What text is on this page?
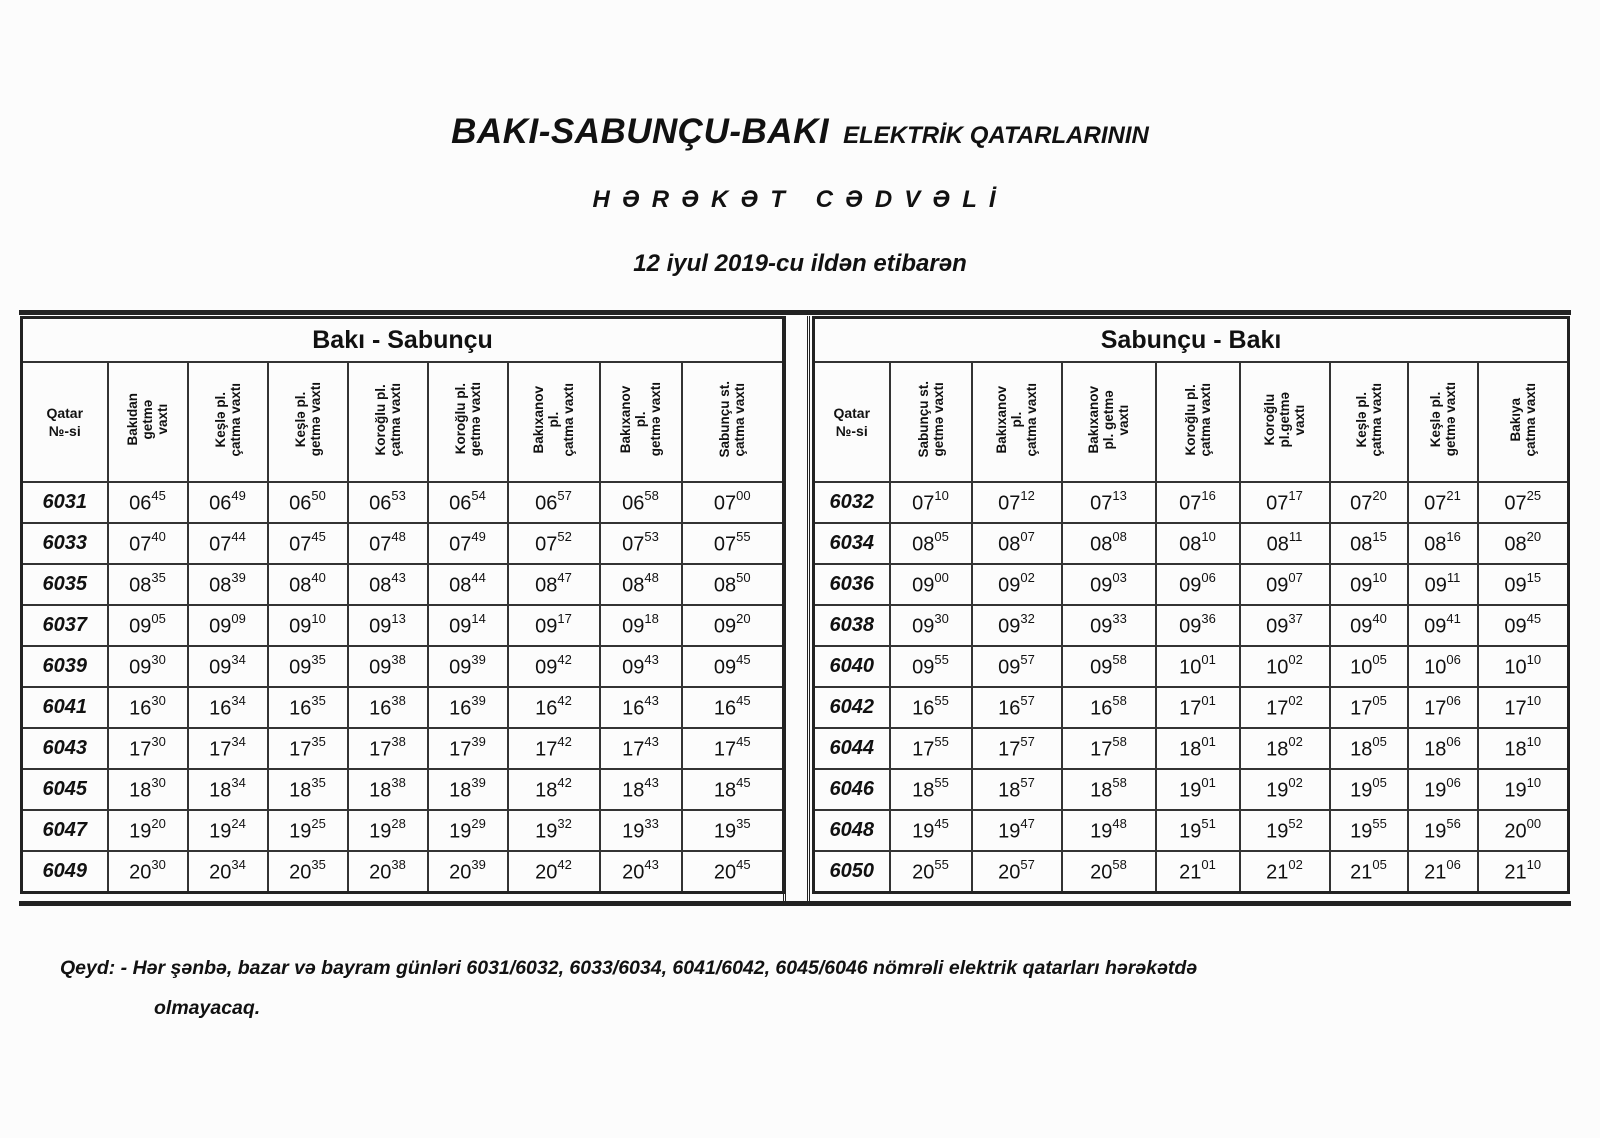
BAKI-SABUNÇU-BAKI ELEKTRİK QATARLARININ
HƏRƏKƏT CƏDVƏLİ
12 iyul 2019-cu ildən etibarən
Bakı - Sabunçu								
Qatar
№-si	Bakıdan
getmə
vaxtı	Keşlə pl.
çatma vaxtı	Keşlə pl.
getmə vaxtı	Koroğlu pl.
çatma vaxtı	Koroğlu pl.
getmə vaxtı	Bakıxanov
pl.
çatma vaxtı	Bakıxanov
pl.
getmə vaxtı	Sabunçu st.
çatma vaxtı
6031	$06^{45}$	$06^{49}$	$06^{50}$	$06^{53}$	$06^{54}$	$06^{57}$	$06^{58}$	$07^{00}$
6033	$07^{40}$	$07^{44}$	$07^{45}$	$07^{48}$	$07^{49}$	$07^{52}$	$07^{53}$	$07^{55}$
6035	$08^{35}$	$08^{39}$	$08^{40}$	$08^{43}$	$08^{44}$	$08^{47}$	$08^{48}$	$08^{50}$
6037	$09^{05}$	$09^{09}$	$09^{10}$	$09^{13}$	$09^{14}$	$09^{17}$	$09^{18}$	$09^{20}$
6039	$09^{30}$	$09^{34}$	$09^{35}$	$09^{38}$	$09^{39}$	$09^{42}$	$09^{43}$	$09^{45}$
6041	$16^{30}$	$16^{34}$	$16^{35}$	$16^{38}$	$16^{39}$	$16^{42}$	$16^{43}$	$16^{45}$
6043	$17^{30}$	$17^{34}$	$17^{35}$	$17^{38}$	$17^{39}$	$17^{42}$	$17^{43}$	$17^{45}$
6045	$18^{30}$	$18^{34}$	$18^{35}$	$18^{38}$	$18^{39}$	$18^{42}$	$18^{43}$	$18^{45}$
6047	$19^{20}$	$19^{24}$	$19^{25}$	$19^{28}$	$19^{29}$	$19^{32}$	$19^{33}$	$19^{35}$
6049	$20^{30}$	$20^{34}$	$20^{35}$	$20^{38}$	$20^{39}$	$20^{42}$	$20^{43}$	$20^{45}$
Sabunçu - Bakı								
Qatar
№-si	Sabunçu st.
getmə vaxtı	Bakıxanov
pl.
çatma vaxtı	Bakıxanov
pl. getmə
vaxtı	Koroğlu pl.
çatma vaxtı	Koroğlu
pl.getmə
vaxtı	Keşlə pl.
çatma vaxtı	Keşlə pl.
getmə vaxtı	Bakıya
çatma vaxtı
6032	$07^{10}$	$07^{12}$	$07^{13}$	$07^{16}$	$07^{17}$	$07^{20}$	$07^{21}$	$07^{25}$
6034	$08^{05}$	$08^{07}$	$08^{08}$	$08^{10}$	$08^{11}$	$08^{15}$	$08^{16}$	$08^{20}$
6036	$09^{00}$	$09^{02}$	$09^{03}$	$09^{06}$	$09^{07}$	$09^{10}$	$09^{11}$	$09^{15}$
6038	$09^{30}$	$09^{32}$	$09^{33}$	$09^{36}$	$09^{37}$	$09^{40}$	$09^{41}$	$09^{45}$
6040	$09^{55}$	$09^{57}$	$09^{58}$	$10^{01}$	$10^{02}$	$10^{05}$	$10^{06}$	$10^{10}$
6042	$16^{55}$	$16^{57}$	$16^{58}$	$17^{01}$	$17^{02}$	$17^{05}$	$17^{06}$	$17^{10}$
6044	$17^{55}$	$17^{57}$	$17^{58}$	$18^{01}$	$18^{02}$	$18^{05}$	$18^{06}$	$18^{10}$
6046	$18^{55}$	$18^{57}$	$18^{58}$	$19^{01}$	$19^{02}$	$19^{05}$	$19^{06}$	$19^{10}$
6048	$19^{45}$	$19^{47}$	$19^{48}$	$19^{51}$	$19^{52}$	$19^{55}$	$19^{56}$	$20^{00}$
6050	$20^{55}$	$20^{57}$	$20^{58}$	$21^{01}$	$21^{02}$	$21^{05}$	$21^{06}$	$21^{10}$
Qeyd: - Hər şənbə, bazar və bayram günləri 6031/6032, 6033/6034, 6041/6042, 6045/6046 nömrəli elektrik qatarları hərəkətdə
olmayacaq.
